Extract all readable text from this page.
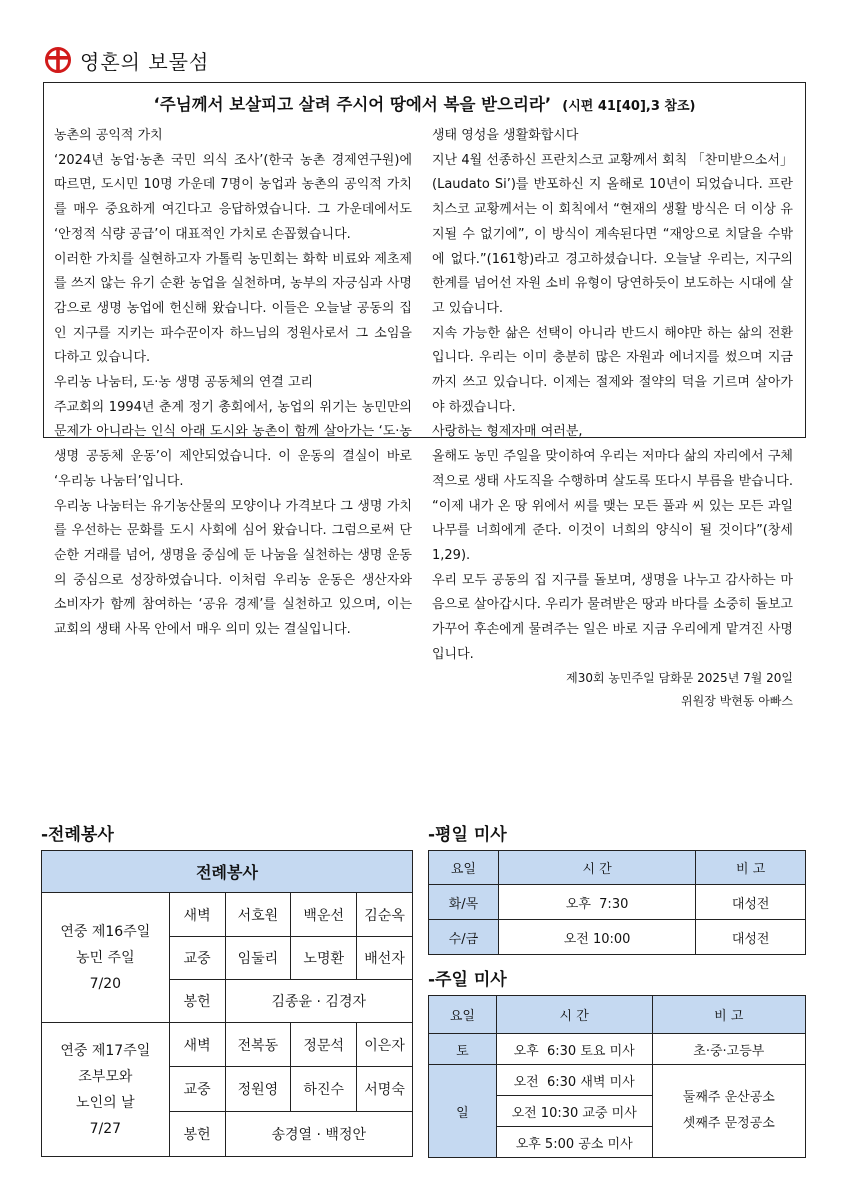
영혼의 보물섬
‘주님께서 보살피고 살려 주시어 땅에서 복을 받으리라’ (시편 41[40],3 참조)

농촌의 공익적 가치

‘2024년 농업·농촌 국민 의식 조사’(한국 농촌 경제연구원)에 따르면, 도시민 10명 가운데 7명이 농업과 농촌의 공익적 가치를 매우 중요하게 여긴다고 응답하였습니다. 그 가운데에서도 ‘안정적 식량 공급’이 대표적인 가치로 손꼽혔습니다.

이러한 가치를 실현하고자 가톨릭 농민회는 화학 비료와 제초제를 쓰지 않는 유기 순환 농업을 실천하며, 농부의 자긍심과 사명감으로 생명 농업에 헌신해 왔습니다. 이들은 오늘날 공동의 집인 지구를 지키는 파수꾼이자 하느님의 정원사로서 그 소임을 다하고 있습니다.

우리농 나눔터, 도·농 생명 공동체의 연결 고리

주교회의 1994년 춘계 정기 총회에서, 농업의 위기는 농민만의 문제가 아니라는 인식 아래 도시와 농촌이 함께 살아가는 ‘도·농 생명 공동체 운동’이 제안되었습니다. 이 운동의 결실이 바로 ‘우리농 나눔터’입니다.

우리농 나눔터는 유기농산물의 모양이나 가격보다 그 생명 가치를 우선하는 문화를 도시 사회에 심어 왔습니다. 그럼으로써 단순한 거래를 넘어, 생명을 중심에 둔 나눔을 실천하는 생명 운동의 중심으로 성장하였습니다. 이처럼 우리농 운동은 생산자와 소비자가 함께 참여하는 ‘공유 경제’를 실천하고 있으며, 이는 교회의 생태 사목 안에서 매우 의미 있는 결실입니다.

생태 영성을 생활화합시다

지난 4월 선종하신 프란치스코 교황께서 회칙 「찬미받으소서」(Laudato Si’)를 반포하신 지 올해로 10년이 되었습니다. 프란치스코 교황께서는 이 회칙에서 “현재의 생활 방식은 더 이상 유지될 수 없기에”, 이 방식이 계속된다면 “재앙으로 치달을 수밖에 없다.”(161항)라고 경고하셨습니다. 오늘날 우리는, 지구의 한계를 넘어선 자원 소비 유형이 당연하듯이 보도하는 시대에 살고 있습니다.

지속 가능한 삶은 선택이 아니라 반드시 해야만 하는 삶의 전환입니다. 우리는 이미 충분히 많은 자원과 에너지를 썼으며 지금까지 쓰고 있습니다. 이제는 절제와 절약의 덕을 기르며 살아가야 하겠습니다.

사랑하는 형제자매 여러분,

올해도 농민 주일을 맞이하여 우리는 저마다 삶의 자리에서 구체적으로 생태 사도직을 수행하며 살도록 또다시 부름을 받습니다. “이제 내가 온 땅 위에서 씨를 맺는 모든 풀과 씨 있는 모든 과일나무를 너희에게 준다. 이것이 너희의 양식이 될 것이다”(창세 1,29).

우리 모두 공동의 집 지구를 돌보며, 생명을 나누고 감사하는 마음으로 살아갑시다. 우리가 물려받은 땅과 바다를 소중히 돌보고 가꾸어 후손에게 물려주는 일은 바로 지금 우리에게 맡겨진 사명입니다.

제30회 농민주일 담화문 2025년 7월 20일

위원장 박현동 아빠스

-전례봉사	-평일 미사
-주일 미사
전례봉사				

연중 제16주일
농민 주일
7/20	새벽	서호원	백운선	김순옥
	교중	임둘리	노명환	배선자
	봉헌	김종윤 · 김경자		

연중 제17주일
조부모와
노인의 날
7/27	새벽	전복동	정문석	이은자
	교중	정원영	하진수	서명숙
	봉헌	송경열 · 백정안		
요일	시 간	비 고
화/목	오후  7:30	대성전
수/금	오전 10:00	대성전
요일	시 간	비 고
토	오후  6:30 토요 미사	초·중·고등부
일	오전  6:30 새벽 미사	둘째주 운산공소
셋째주 문정공소

	오전 10:30 교중 미사	
	오후 5:00 공소 미사	
